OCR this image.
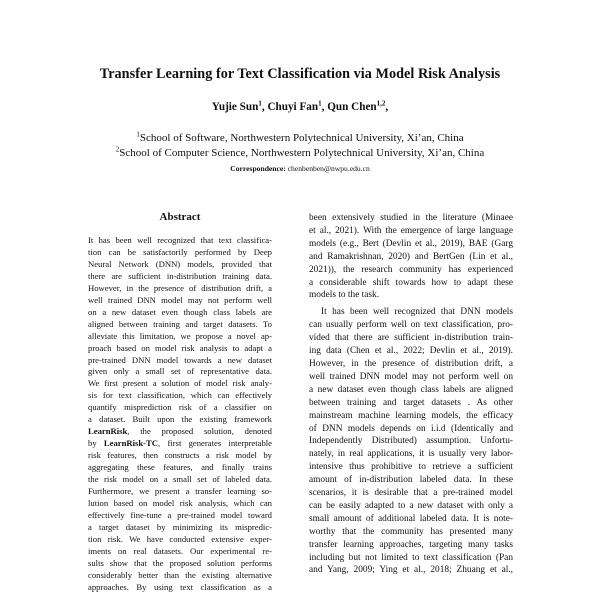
Transfer Learning for Text Classification via Model Risk Analysis
Yujie Sun$^1$, Chuyi Fan$^1$, Qun Chen$^{1,2}$,
$^1$School of Software, Northwestern Polytechnical University, Xi’an, China
$^2$School of Computer Science, Northwestern Polytechnical University, Xi’an, China
Correspondence: chenbenben@nwpu.edu.cn
Abstract
It has been well recognized that text classifica-
tion can be satisfactorily performed by Deep
Neural Network (DNN) models, provided that
there are sufficient in-distribution training data.
However, in the presence of distribution drift, a
well trained DNN model may not perform well
on a new dataset even though class labels are
aligned between training and target datasets. To
alleviate this limitation, we propose a novel ap-
proach based on model risk analysis to adapt a
pre-trained DNN model towards a new dataset
given only a small set of representative data.
We first present a solution of model risk analy-
sis for text classification, which can effectively
quantify misprediction risk of a classifier on
a dataset. Built upon the existing framework
LearnRisk, the proposed solution, denoted
by LearnRisk-TC, first generates interpretable
risk features, then constructs a risk model by
aggregating these features, and finally trains
the risk model on a small set of labeled data.
Furthermore, we present a transfer learning so-
lution based on model risk analysis, which can
effectively fine-tune a pre-trained model toward
a target dataset by minimizing its mispredic-
tion risk. We have conducted extensive exper-
iments on real datasets. Our experimental re-
sults show that the proposed solution performs
considerably better than the existing alternative
approaches. By using text classification as a

been extensively studied in the literature (Minaee
et al., 2021). With the emergence of large language
models (e.g., Bert (Devlin et al., 2019), BAE (Garg
and Ramakrishnan, 2020) and BertGen (Lin et al.,
2021)), the research community has experienced
a considerable shift towards how to adapt these
models to the task.

It has been well recognized that DNN models
can usually perform well on text classification, pro-
vided that there are sufficient in-distribution train-
ing data (Chen et al., 2022; Devlin et al., 2019).
However, in the presence of distribution drift, a
well trained DNN model may not perform well on
a new dataset even though class labels are aligned
between training and target datasets . As other
mainstream machine learning models, the efficacy
of DNN models depends on i.i.d (Identically and
Independently Distributed) assumption. Unfortu-
nately, in real applications, it is usually very labor-
intensive thus prohibitive to retrieve a sufficient
amount of in-distribution labeled data. In these
scenarios, it is desirable that a pre-trained model
can be easily adapted to a new dataset with only a
small amount of additional labeled data. It is note-
worthy that the community has presented many
transfer learning approaches, targeting many tasks
including but not limited to text classification (Pan
and Yang, 2009; Ying et al., 2018; Zhuang et al.,
